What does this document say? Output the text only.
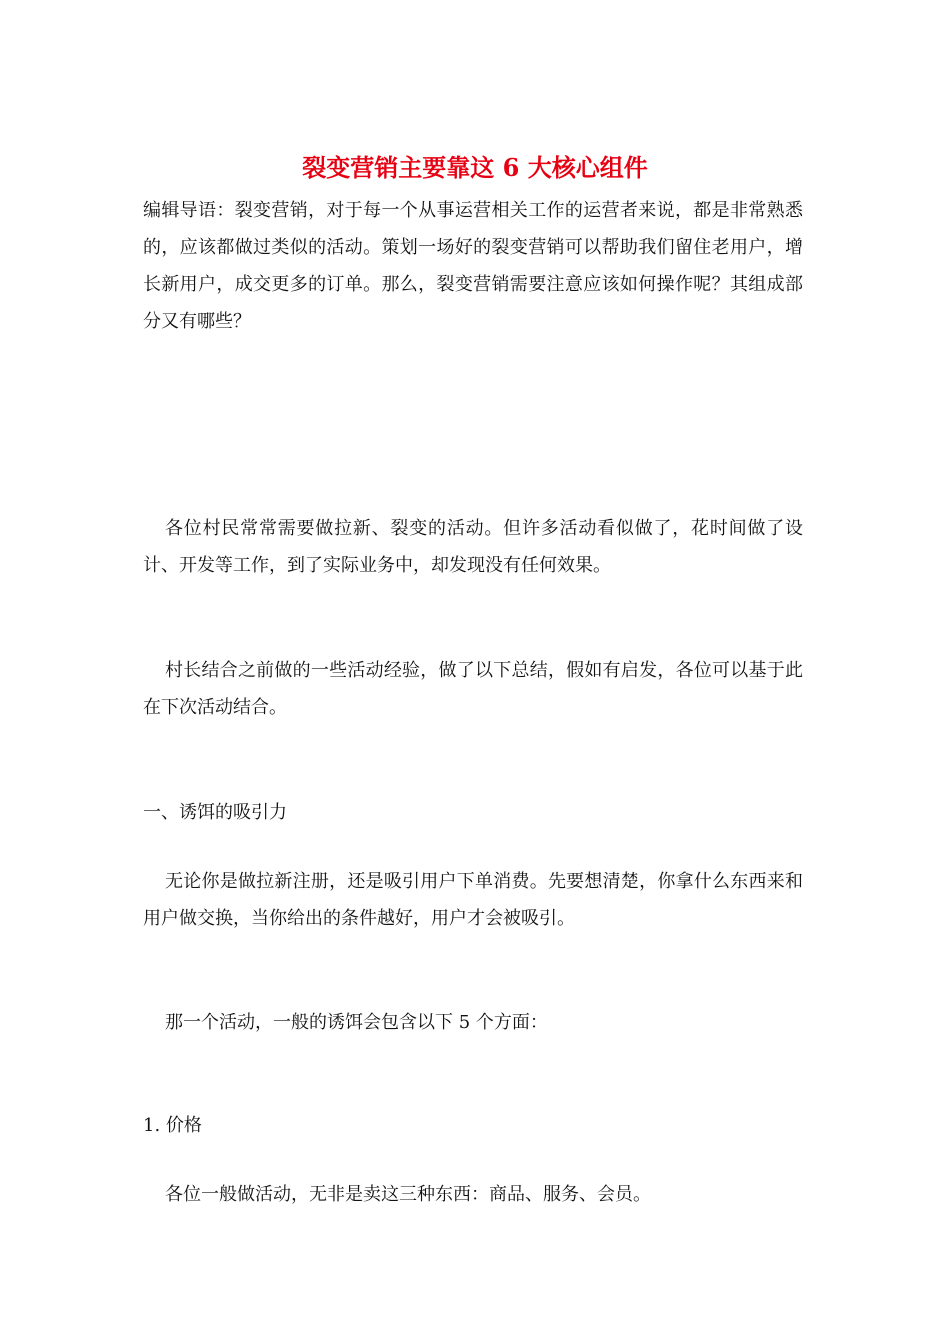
裂变营销主要靠这 6 大核心组件
编辑导语：裂变营销，对于每一个从事运营相关工作的运营者来说，都是非常熟悉的，应该都做过类似的活动。策划一场好的裂变营销可以帮助我们留住老用户，增长新用户，成交更多的订单。那么，裂变营销需要注意应该如何操作呢？其组成部分又有哪些？
各位村民常常需要做拉新、裂变的活动。但许多活动看似做了，花时间做了设计、开发等工作，到了实际业务中，却发现没有任何效果。
村长结合之前做的一些活动经验，做了以下总结，假如有启发，各位可以基于此在下次活动结合。
一、诱饵的吸引力
无论你是做拉新注册，还是吸引用户下单消费。先要想清楚，你拿什么东西来和用户做交换，当你给出的条件越好，用户才会被吸引。
那一个活动，一般的诱饵会包含以下 5 个方面：
1. 价格
各位一般做活动，无非是卖这三种东西：商品、服务、会员。
